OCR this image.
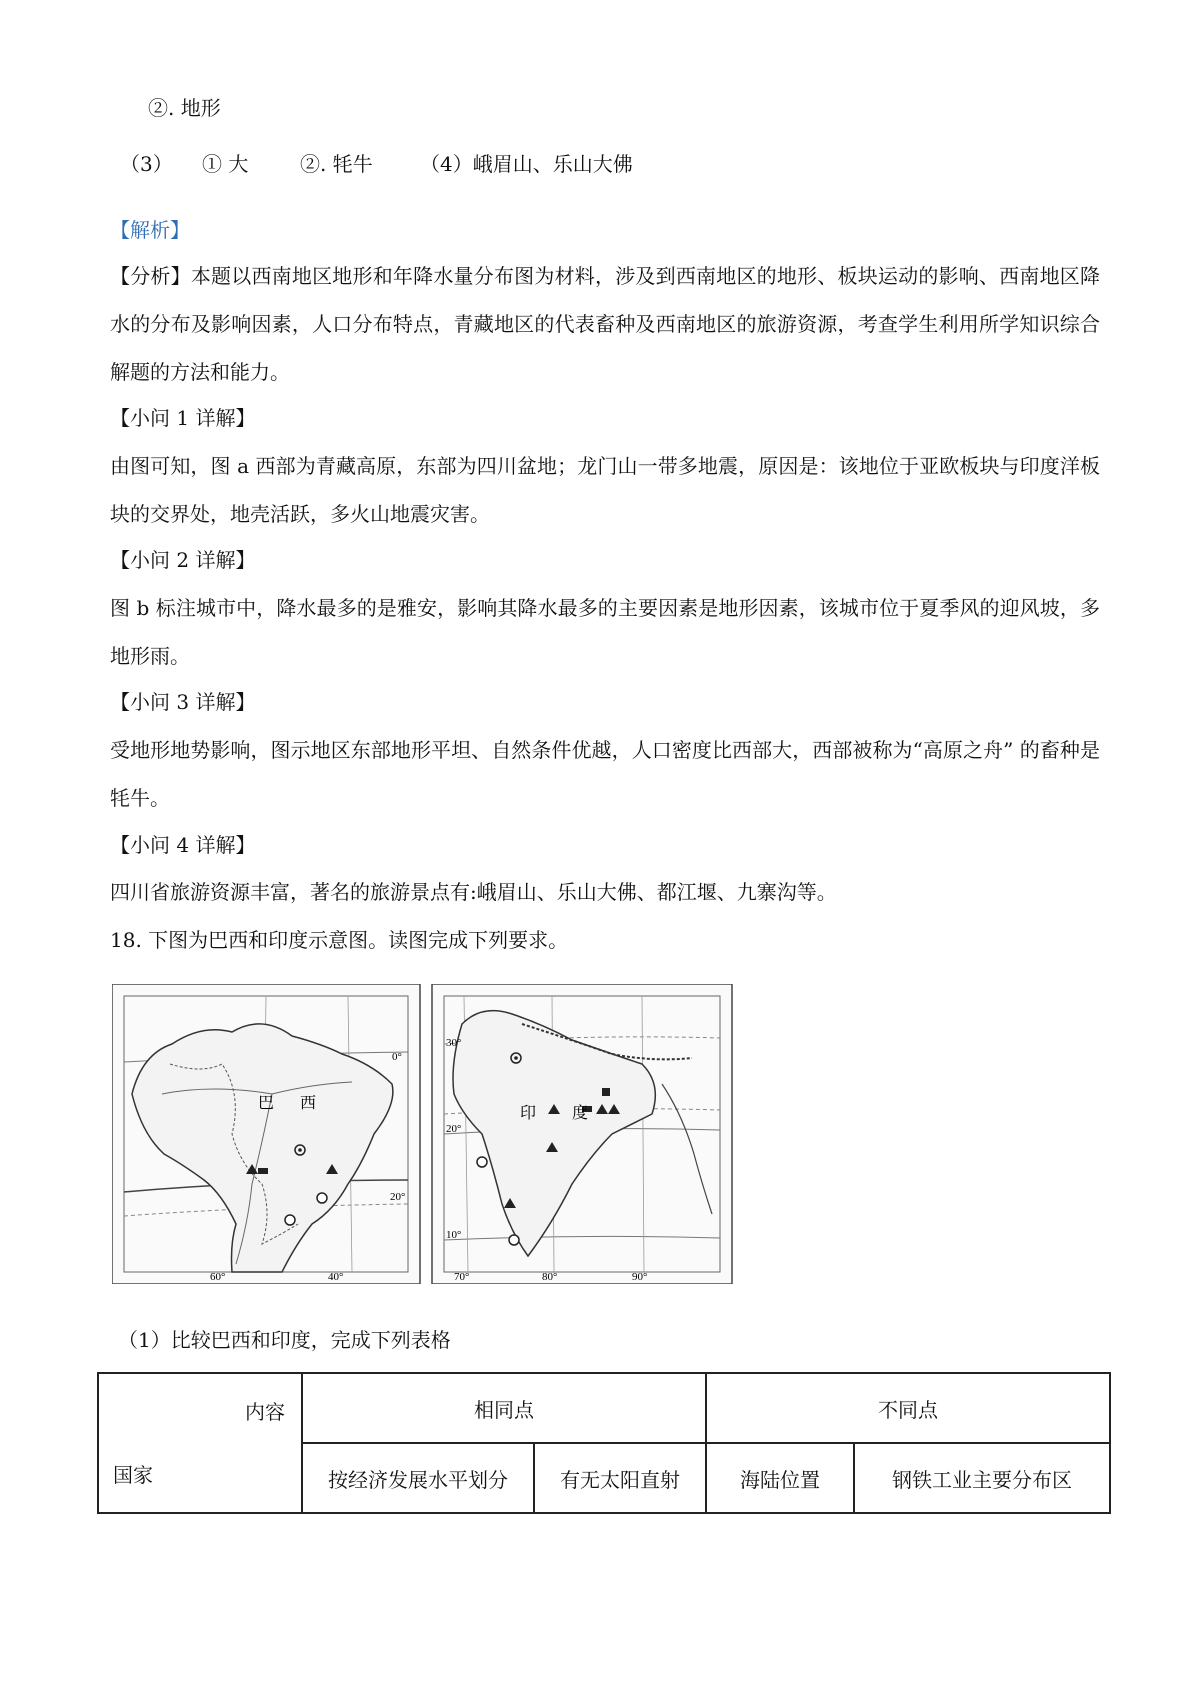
②. 地形
（3） ① 大	②. 牦牛 （4）峨眉山、乐山大佛
【解析】
【分析】本题以西南地区地形和年降水量分布图为材料，涉及到西南地区的地形、板块运动的影响、西南地区降水的分布及影响因素，人口分布特点，青藏地区的代表畜种及西南地区的旅游资源，考查学生利用所学知识综合解题的方法和能力。
【小问 1 详解】
由图可知，图 a 西部为青藏高原，东部为四川盆地；龙门山一带多地震，原因是：该地位于亚欧板块与印度洋板块的交界处，地壳活跃，多火山地震灾害。
【小问 2 详解】
图 b 标注城市中，降水最多的是雅安，影响其降水最多的主要因素是地形因素，该城市位于夏季风的迎风坡，多地形雨。
【小问 3 详解】
受地形地势影响，图示地区东部地形平坦、自然条件优越，人口密度比西部大，西部被称为“高原之舟” 的畜种是牦牛。
【小问 4 详解】
四川省旅游资源丰富，著名的旅游景点有:峨眉山、乐山大佛、都江堰、九寨沟等。
18. 下图为巴西和印度示意图。读图完成下列要求。
巴 西
0°
20°
60°	40°
印 度
30°
20°
10°
70°	80°	90°
（1）比较巴西和印度，完成下列表格
内容
国家	相同点		不同点	
	按经济发展水平划分	有无太阳直射	海陆位置	钢铁工业主要分布区
